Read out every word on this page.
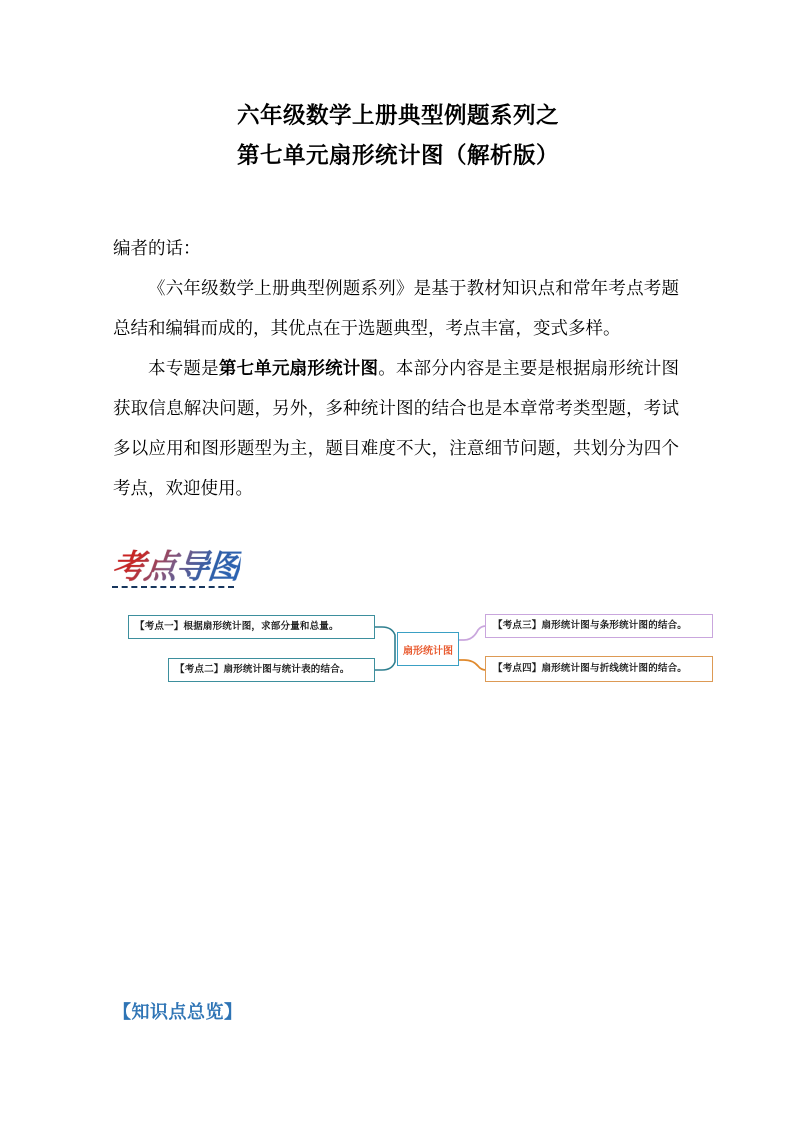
六年级数学上册典型例题系列之
第七单元扇形统计图（解析版）

编者的话：

《六年级数学上册典型例题系列》是基于教材知识点和常年考点考题总结和编辑而成的，其优点在于选题典型，考点丰富，变式多样。

本专题是第七单元扇形统计图。本部分内容是主要是根据扇形统计图获取信息解决问题，另外，多种统计图的结合也是本章常考类型题，考试多以应用和图形题型为主，题目难度不大，注意细节问题，共划分为四个考点，欢迎使用。

考点导图
【考点一】根据扇形统计图，求部分量和总量。
【考点二】扇形统计图与统计表的结合。
【考点三】扇形统计图与条形统计图的结合。
【考点四】扇形统计图与折线统计图的结合。
扇形统计图
【知识点总览】
